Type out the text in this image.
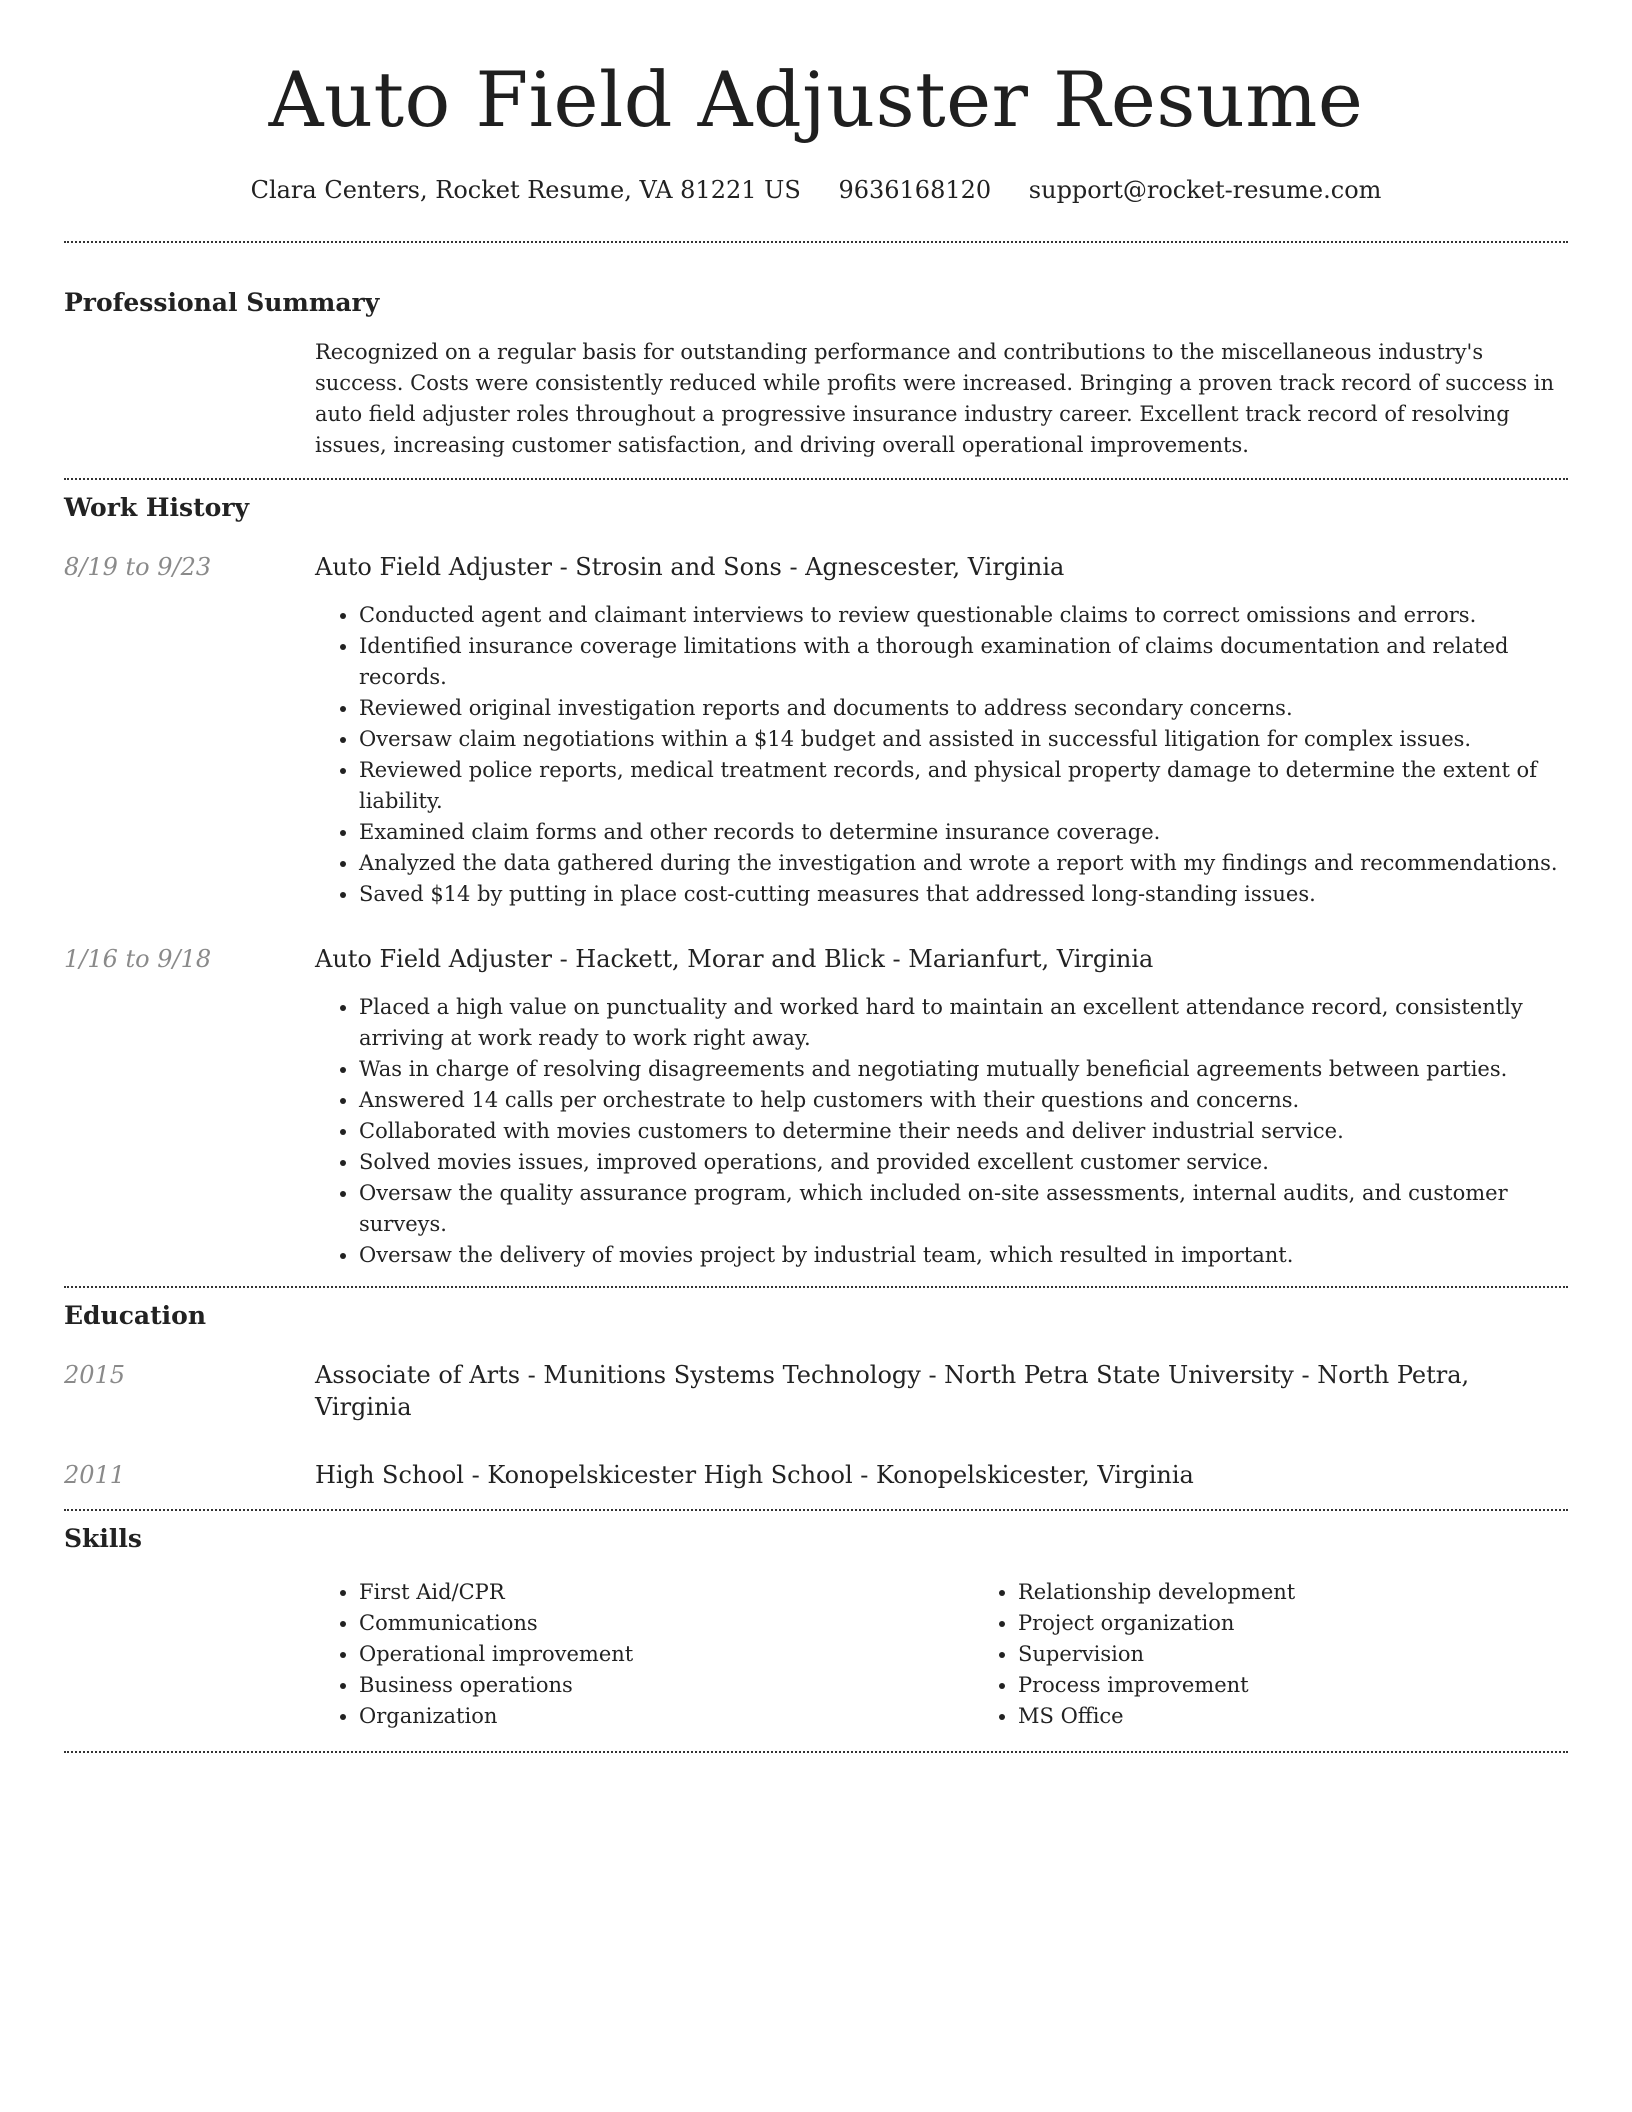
Auto Field Adjuster Resume
Clara Centers, Rocket Resume, VA 81221 US 9636168120 support@rocket-resume.com
Professional Summary
Recognized on a regular basis for outstanding performance and contributions to the miscellaneous industry's success. Costs were consistently reduced while profits were increased. Bringing a proven track record of success in auto field adjuster roles throughout a progressive insurance industry career. Excellent track record of resolving issues, increasing customer satisfaction, and driving overall operational improvements.
Work History
8/19 to 9/23	Auto Field Adjuster - Strosin and Sons - Agnescester, Virginia
• Conducted agent and claimant interviews to review questionable claims to correct omissions and errors.
• Identified insurance coverage limitations with a thorough examination of claims documentation and related records.
• Reviewed original investigation reports and documents to address secondary concerns.
• Oversaw claim negotiations within a $14 budget and assisted in successful litigation for complex issues.
• Reviewed police reports, medical treatment records, and physical property damage to determine the extent of liability.
• Examined claim forms and other records to determine insurance coverage.
• Analyzed the data gathered during the investigation and wrote a report with my findings and recommendations.
• Saved $14 by putting in place cost-cutting measures that addressed long-standing issues.
1/16 to 9/18	Auto Field Adjuster - Hackett, Morar and Blick - Marianfurt, Virginia
• Placed a high value on punctuality and worked hard to maintain an excellent attendance record, consistently arriving at work ready to work right away.
• Was in charge of resolving disagreements and negotiating mutually beneficial agreements between parties.
• Answered 14 calls per orchestrate to help customers with their questions and concerns.
• Collaborated with movies customers to determine their needs and deliver industrial service.
• Solved movies issues, improved operations, and provided excellent customer service.
• Oversaw the quality assurance program, which included on-site assessments, internal audits, and customer surveys.
• Oversaw the delivery of movies project by industrial team, which resulted in important.
Education
2015	Associate of Arts - Munitions Systems Technology - North Petra State University - North Petra, Virginia
2011	High School - Konopelskicester High School - Konopelskicester, Virginia
Skills
• First Aid/CPR
• Communications
• Operational improvement
• Business operations
• Organization
• Relationship development
• Project organization
• Supervision
• Process improvement
• MS Office
